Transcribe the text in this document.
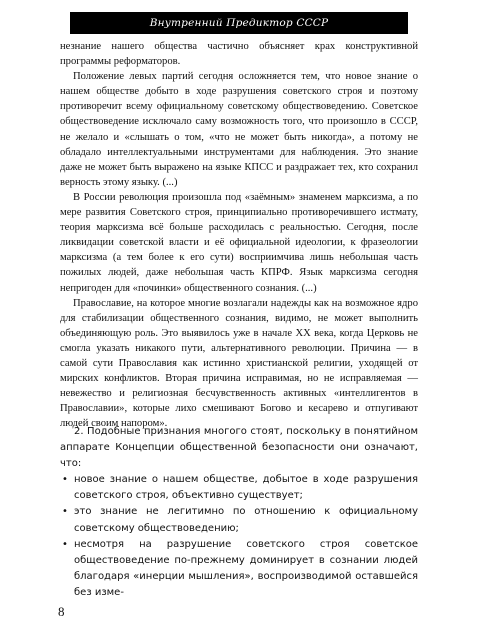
Внутренний Предиктор СССР

незнание нашего общества частично объясняет крах конструктивной программы реформаторов.

Положение левых партий сегодня осложняется тем, что новое знание о нашем обществе добыто в ходе разрушения советского строя и поэтому противоречит всему официальному советскому обществоведению. Советское обществоведение исключало саму возможность того, что произошло в СССР, не желало и «слышать о том, «что не может быть никогда», а потому не обладало интеллектуальными инструментами для наблюдения. Это знание даже не может быть выражено на языке КПСС и раздражает тех, кто сохранил верность этому языку. (...)

В России революция произошла под «заёмным» знаменем марксизма, а по мере развития Советского строя, принципиально противоречившего истмату, теория марксизма всё больше расходилась с реальностью. Сегодня, после ликвидации советской власти и её официальной идеологии, к фразеологии марксизма (а тем более к его сути) восприимчива лишь небольшая часть пожилых людей, даже небольшая часть КПРФ. Язык марксизма сегодня непригоден для «починки» общественного сознания. (...)

Православие, на которое многие возлагали надежды как на возможное ядро для стабилизации общественного сознания, видимо, не может выполнить объединяющую роль. Это выявилось уже в начале XX века, когда Церковь не смогла указать никакого пути, альтернативного революции. Причина — в самой сути Православия как истинно христианской религии, уходящей от мирских конфликтов. Вторая причина исправимая, но не исправляемая — невежество и религиозная бесчувственность активных «интеллигентов в Православии», которые лихо смешивают Богово и кесарево и отпугивают людей своим напором».

2. Подобные признания многого стоят, поскольку в понятийном аппарате Концепции общественной безопасности они означают, что:

• новое знание о нашем обществе, добытое в ходе разрушения советского строя, объективно существует;
• это знание не легитимно по отношению к официальному советскому обществоведению;
• несмотря на разрушение советского строя советское обществоведение по-прежнему доминирует в сознании людей благодаря «инерции мышления», воспроизводимой оставшейся без изме-
8
